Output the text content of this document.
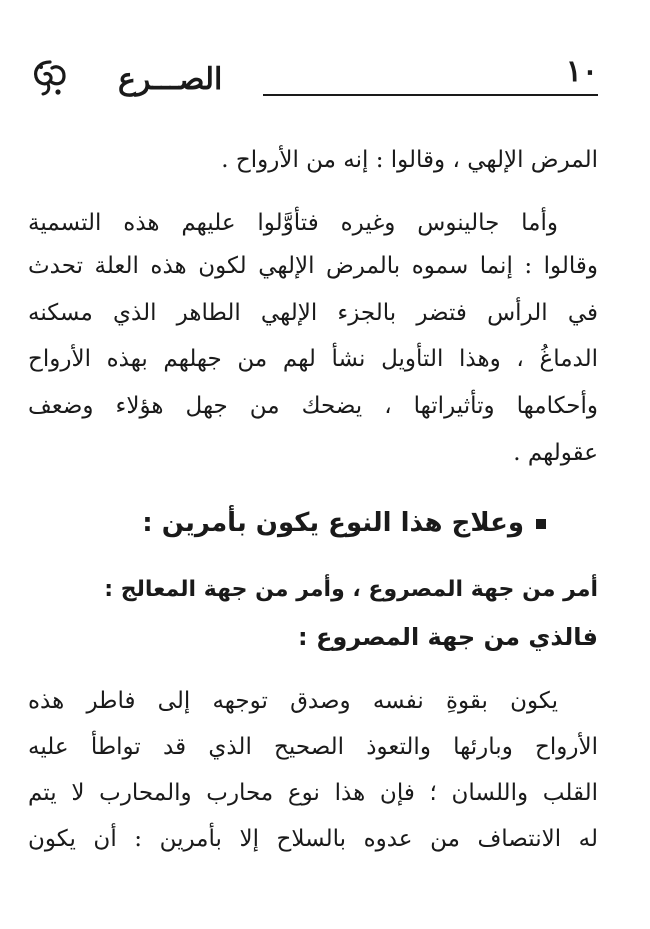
١٠
الصـــرع
المرض الإلهي ، وقالوا : إنه من الأرواح .
وأما جالينوس وغيره فتأوَّلوا عليهم هذه التسمية
وقالوا : إنما سموه بالمرض الإلهي لكون هذه العلة تحدث
في الرأس فتضر بالجزء الإلهي الطاهر الذي مسكنه
الدماغُ ، وهذا التأويل نشأ لهم من جهلهم بهذه الأرواح
وأحكامها وتأثيراتها ، يضحك من جهل هؤلاء وضعف
عقولهم .
وعلاج هذا النوع يكون بأمرين :
أمر من جهة المصروع ، وأمر من جهة المعالج :
فالذي من جهة المصروع :
يكون بقوةِ نفسه وصدق توجهه إلى فاطر هذه
الأرواح وبارئها والتعوذ الصحيح الذي قد تواطأ عليه
القلب واللسان ؛ فإن هذا نوع محارب والمحارب لا يتم
له الانتصاف من عدوه بالسلاح إلا بأمرين : أن يكون
